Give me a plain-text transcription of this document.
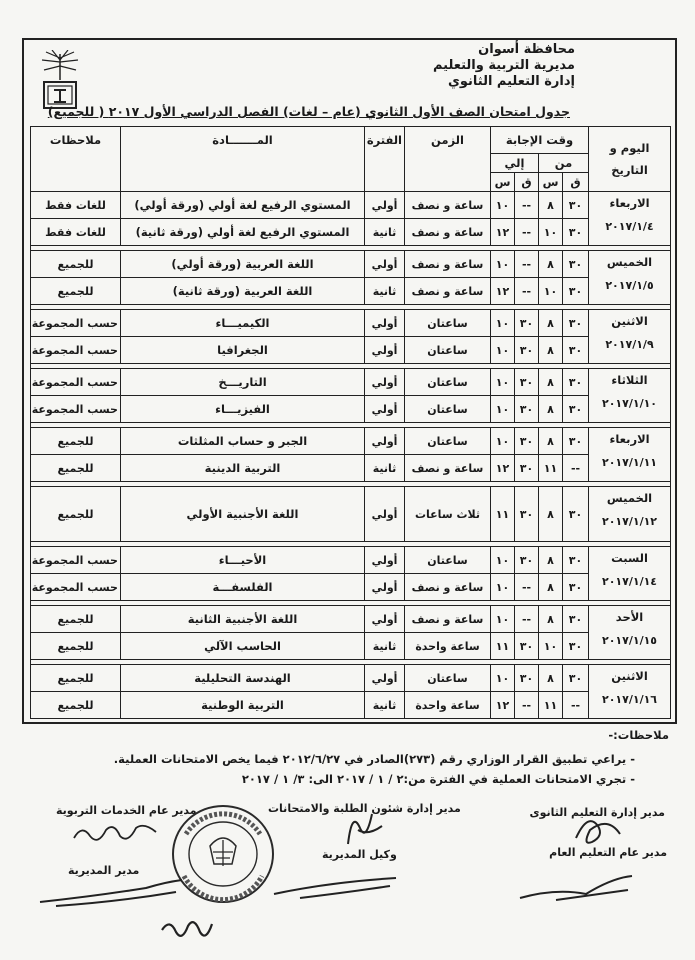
محافظة أسوان
مديرية التربية والتعليم
إدارة التعليم الثانوي
جدول امتحان الصف الأول الثانوي (عام – لغات) الفصل الدراسي الأول ٢٠١٧ ( للجميع)
اليوم و التاريخ	وقت الإجابة				الزمن	الفترة	المـــــــادة	ملاحظات
	من		إلي					
	ق	س	ق	س				

الاربعاء
٢٠١٧/١/٤	٣٠	٨	--	١٠	ساعة و نصف	أولي	المستوي الرفيع لغة أولي (ورقة أولي)	للغات فقط
	٣٠	١٠	--	١٢	ساعة و نصف	ثانية	المستوي الرفيع لغة أولي (ورقة ثانية)	للغات فقط

الخميس
٢٠١٧/١/٥	٣٠	٨	--	١٠	ساعة و نصف	أولي	اللغة العربية (ورقة أولي)	للجميع
	٣٠	١٠	--	١٢	ساعة و نصف	ثانية	اللغة العربية (ورقة ثانية)	للجميع

الاثنين
٢٠١٧/١/٩	٣٠	٨	٣٠	١٠	ساعتان	أولي	الكيميـــاء	حسب المجموعة
	٣٠	٨	٣٠	١٠	ساعتان	أولي	الجغرافيا	حسب المجموعة

الثلاثاء
٢٠١٧/١/١٠	٣٠	٨	٣٠	١٠	ساعتان	أولي	التاريـــخ	حسب المجموعة
	٣٠	٨	٣٠	١٠	ساعتان	أولي	الفيزيـــاء	حسب المجموعة

الاربعاء
٢٠١٧/١/١١	٣٠	٨	٣٠	١٠	ساعتان	أولي	الجبر و حساب المثلثات	للجميع
	--	١١	٣٠	١٢	ساعة و نصف	ثانية	التربية الدينية	للجميع

الخميس
٢٠١٧/١/١٢	٣٠	٨	٣٠	١١	ثلاث ساعات	أولي	اللغة الأجنبية الأولي	للجميع

السبت
٢٠١٧/١/١٤	٣٠	٨	٣٠	١٠	ساعتان	أولي	الأحيـــاء	حسب المجموعة
	٣٠	٨	--	١٠	ساعة و نصف	أولي	الفلسفـــة	حسب المجموعة

الأحد
٢٠١٧/١/١٥	٣٠	٨	--	١٠	ساعة و نصف	أولي	اللغة الأجنبية الثانية	للجميع
	٣٠	١٠	٣٠	١١	ساعة واحدة	ثانية	الحاسب الآلي	للجميع

الاثنين
٢٠١٧/١/١٦	٣٠	٨	٣٠	١٠	ساعتان	أولي	الهندسة التحليلية	للجميع
	--	١١	--	١٢	ساعة واحدة	ثانية	التربية الوطنية	للجميع
ملاحظات:-
- يراعي تطبيق القرار الوزاري رقم (٢٧٣)الصادر في ٢٠١٢/٦/٢٧ فيما يخص الامتحانات العملية.
- تجري الامتحانات العملية في الفترة من:٢ / ١ / ٢٠١٧ الى: ٣/ ١ / ٢٠١٧
مدير إدارة التعليم الثانوى
مدير عام التعليم العام
مدير إدارة شئون الطلبة والامتحانات
وكيل المديرية
مدير عام الخدمات التربوية
مدير المديرية
